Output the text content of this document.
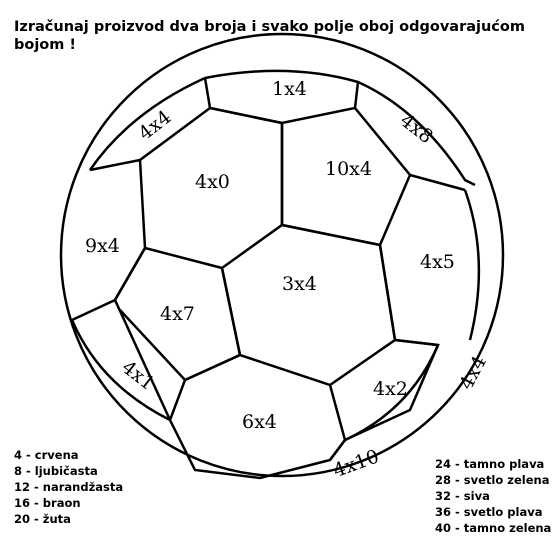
Izračunaj proizvod dva broja i svako polje oboj odgovarajućom bojom !
1x4
4x4	4x8
4x0
10x4
9x4
3x4
4x5
4x7
4x1	4x4
4x2
6x4
4x10
4 - crvena
8 - ljubičasta
12 - narandžasta
16 - braon
20 - žuta
24 - tamno plava
28 - svetlo zelena
32 - siva
36 - svetlo plava
40 - tamno zelena
